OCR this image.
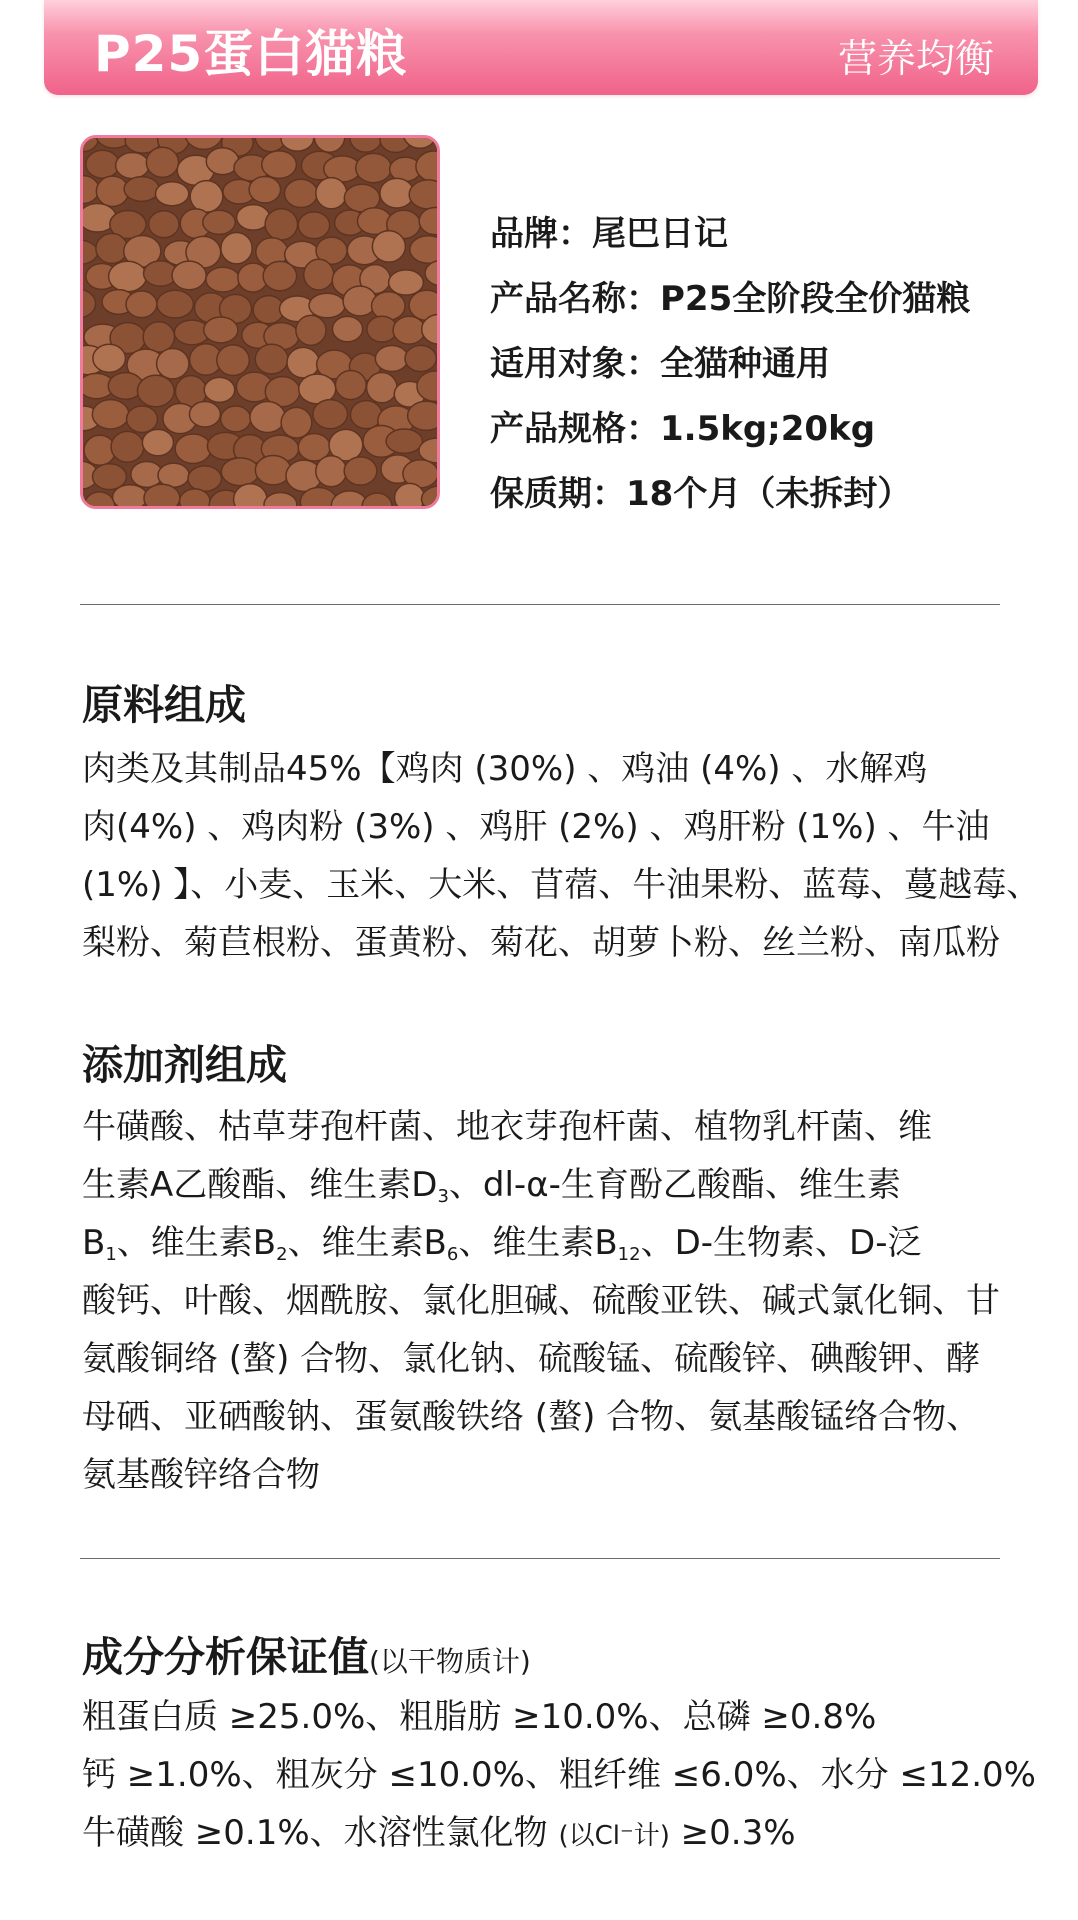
P25蛋白猫粮	营养均衡
品牌：尾巴日记
产品名称：P25全阶段全价猫粮
适用对象：全猫种通用
产品规格：1.5kg;20kg
保质期：18个月（未拆封）
原料组成
肉类及其制品45%【鸡肉 (30%) 、鸡油 (4%) 、水解鸡
肉(4%) 、鸡肉粉 (3%) 、鸡肝 (2%) 、鸡肝粉 (1%) 、牛油
(1%) 】、小麦、玉米、大米、苜蓿、牛油果粉、蓝莓、蔓越莓、
梨粉、菊苣根粉、蛋黄粉、菊花、胡萝卜粉、丝兰粉、南瓜粉
添加剂组成
牛磺酸、枯草芽孢杆菌、地衣芽孢杆菌、植物乳杆菌、维
生素A乙酸酯、维生素$D_3$、dl-α-生育酚乙酸酯、维生素
$B_1$、维生素$B_2$、维生素$B_6$、维生素$B_{12}$、D-生物素、D-泛
酸钙、叶酸、烟酰胺、氯化胆碱、硫酸亚铁、碱式氯化铜、甘
氨酸铜络 (螯) 合物、氯化钠、硫酸锰、硫酸锌、碘酸钾、酵
母硒、亚硒酸钠、蛋氨酸铁络 (螯) 合物、氨基酸锰络合物、
氨基酸锌络合物
成分分析保证值(以干物质计)
粗蛋白质 ≥25.0%、粗脂肪 ≥10.0%、总磷 ≥0.8%
钙 ≥1.0%、粗灰分 ≤10.0%、粗纤维 ≤6.0%、水分 ≤12.0%
牛磺酸 ≥0.1%、水溶性氯化物 (以Cl⁻计) ≥0.3%
